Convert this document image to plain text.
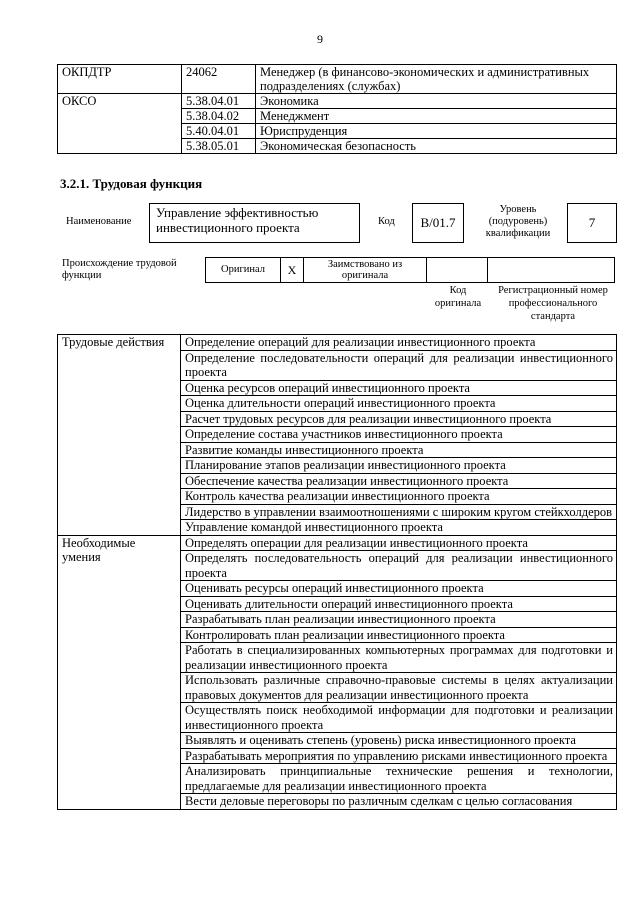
9
ОКПДТР	24062	Менеджер (в финансово-экономических и административных подразделениях (службах)
ОКСО	5.38.04.01	Экономика
	5.38.04.02	Менеджмент
	5.40.04.01	Юриспруденция
	5.38.05.01	Экономическая безопасность
3.2.1. Трудовая функция
Наименование
Управление эффективностью инвестиционного проекта	Код	B/01.7
Уровень (подуровень) квалификации
7
Происхождение трудовой функции
Оригинал	X	Заимствовано из оригинала		
Код оригинала
Регистрационный номер профессионального стандарта
Трудовые действия	Определение операций для реализации инвестиционного проекта
	Определение последовательности операций для реализации инвестиционного проекта
	Оценка ресурсов операций инвестиционного проекта
	Оценка длительности операций инвестиционного проекта
	Расчет трудовых ресурсов для реализации инвестиционного проекта
	Определение состава участников инвестиционного проекта
	Развитие команды инвестиционного проекта
	Планирование этапов реализации инвестиционного проекта
	Обеспечение качества реализации инвестиционного проекта
	Контроль качества реализации инвестиционного проекта
	Лидерство в управлении взаимоотношениями с широким кругом стейкхолдеров
	Управление командой инвестиционного проекта
Необходимые умения	Определять операции для реализации инвестиционного проекта
	Определять последовательность операций для реализации инвестиционного проекта
	Оценивать ресурсы операций инвестиционного проекта
	Оценивать длительности операций инвестиционного проекта
	Разрабатывать план реализации инвестиционного проекта
	Контролировать план реализации инвестиционного проекта
	Работать в специализированных компьютерных программах для подготовки и реализации инвестиционного проекта
	Использовать различные справочно-правовые системы в целях актуализации правовых документов для реализации инвестиционного проекта
	Осуществлять поиск необходимой информации для подготовки и реализации инвестиционного проекта
	Выявлять и оценивать степень (уровень) риска инвестиционного проекта
	Разрабатывать мероприятия по управлению рисками инвестиционного проекта
	Анализировать принципиальные технические решения и технологии, предлагаемые для реализации инвестиционного проекта
	Вести деловые переговоры по различным сделкам с целью согласования
